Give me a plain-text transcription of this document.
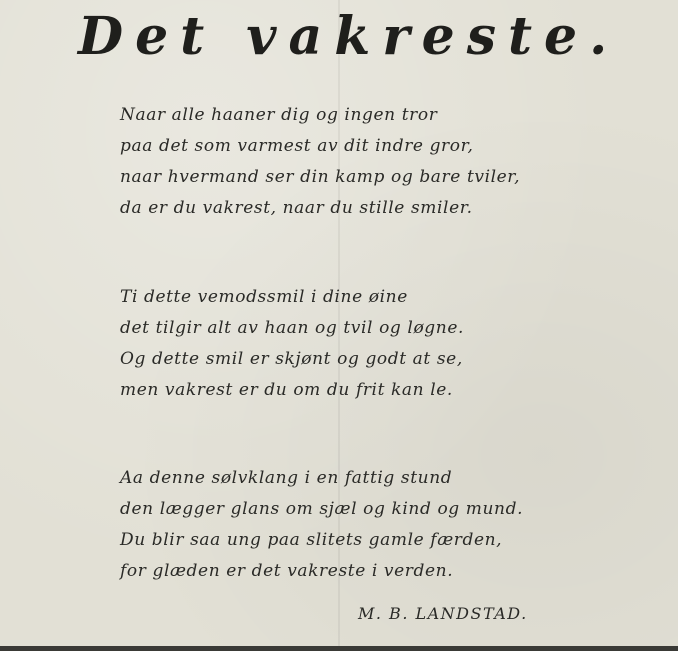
Det vakreste.
Naar alle haaner dig og ingen tror
paa det som varmest av dit indre gror,
naar hvermand ser din kamp og bare tviler,
da er du vakrest, naar du stille smiler.
Ti dette vemodssmil i dine øine
det tilgir alt av haan og tvil og løgne.
Og dette smil er skjønt og godt at se,
men vakrest er du om du frit kan le.
Aa denne sølvklang i en fattig stund
den lægger glans om sjæl og kind og mund.
Du blir saa ung paa slitets gamle færden,
for glæden er det vakreste i verden.
M. B. LANDSTAD.
